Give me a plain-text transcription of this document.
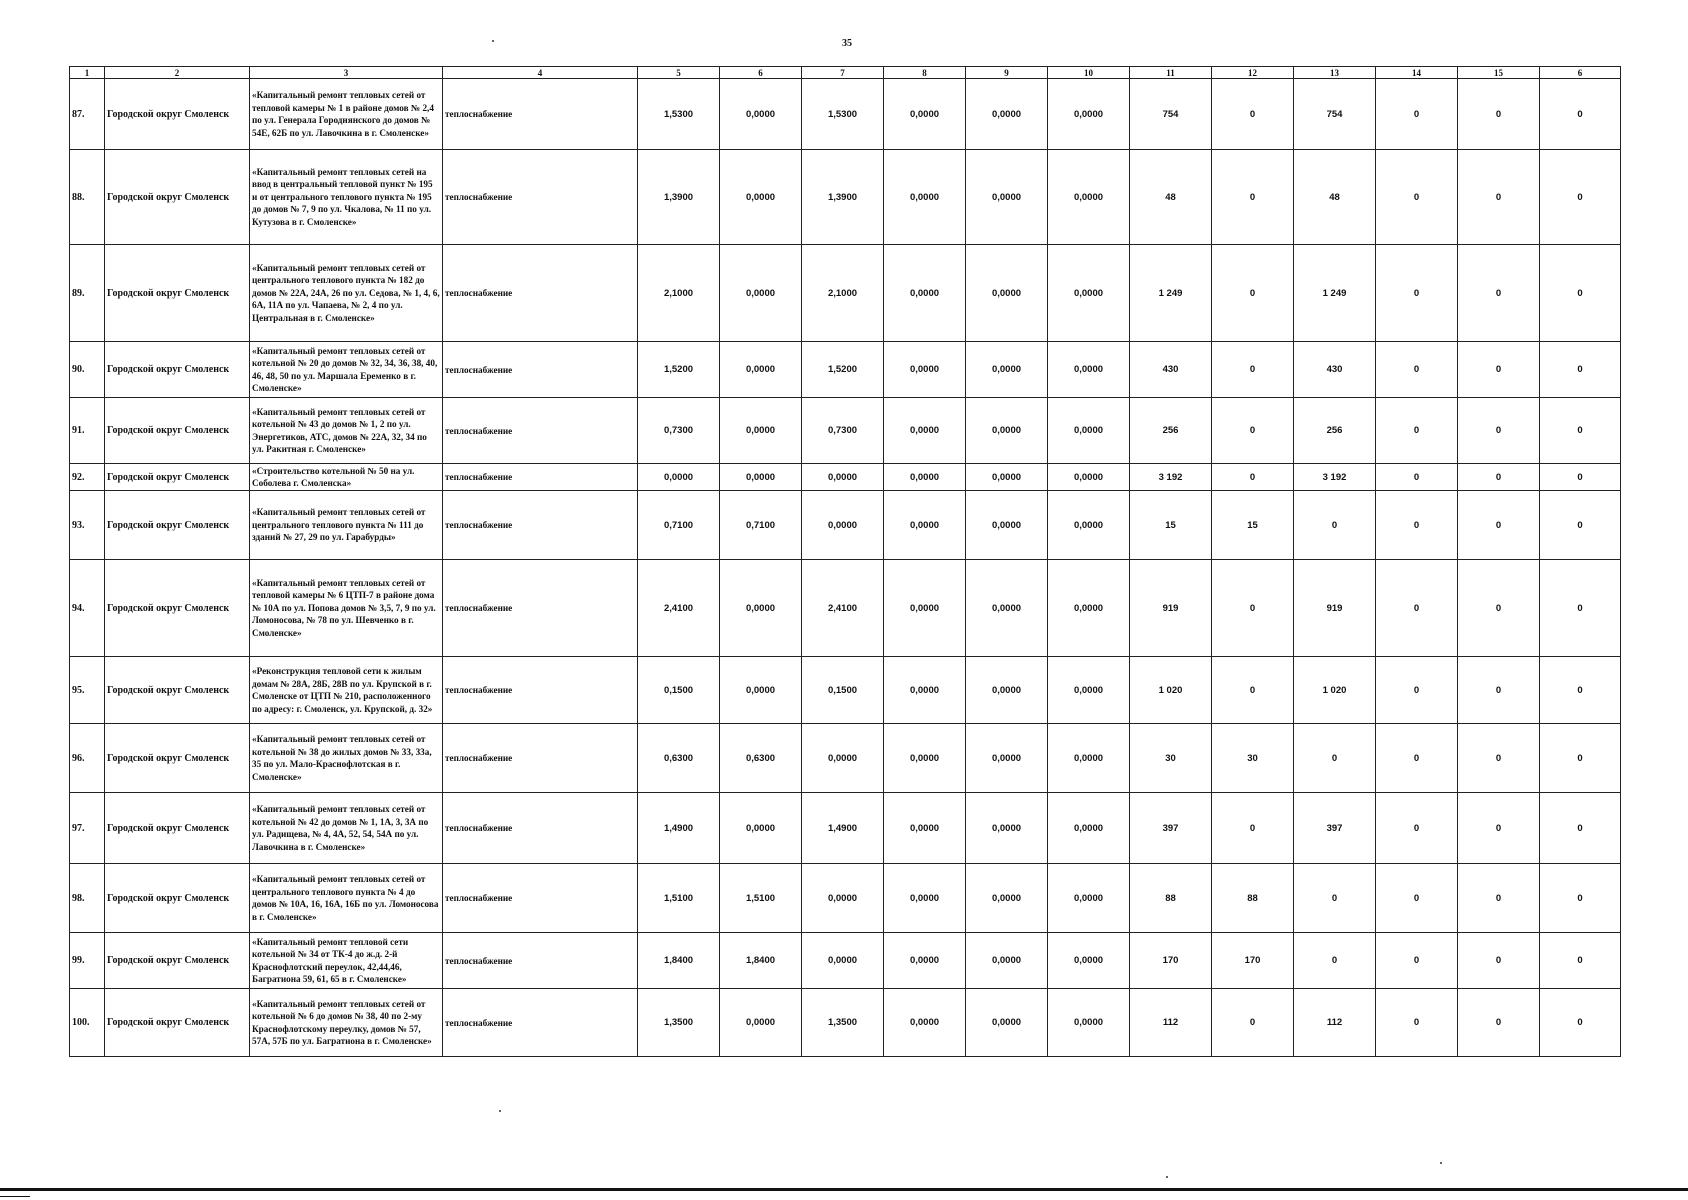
35
1	2	3	4	5	6	7	8	9	10	11	12	13	14	15	6
87.	Городской округ Смоленск	«Капитальный ремонт тепловых сетей от тепловой камеры № 1 в районе домов № 2,4 по ул. Генерала Городнянского до домов № 54Е, 62Б по ул. Лавочкина в г. Смоленске»	теплоснабжение	1,5300	0,0000	1,5300	0,0000	0,0000	0,0000	754	0	754	0	0	0
88.	Городской округ Смоленск	«Капитальный ремонт тепловых сетей на ввод в центральный тепловой пункт № 195 и от центрального теплового пункта № 195 до домов № 7, 9 по ул. Чкалова, № 11 по ул. Кутузова в г. Смоленске»	теплоснабжение	1,3900	0,0000	1,3900	0,0000	0,0000	0,0000	48	0	48	0	0	0
89.	Городской округ Смоленск	«Капитальный ремонт тепловых сетей от центрального теплового пункта № 182 до домов № 22А, 24А, 26 по ул. Седова, № 1, 4, 6, 6А, 11А по ул. Чапаева, № 2, 4 по ул. Центральная в г. Смоленске»	теплоснабжение	2,1000	0,0000	2,1000	0,0000	0,0000	0,0000	1 249	0	1 249	0	0	0
90.	Городской округ Смоленск	«Капитальный ремонт тепловых сетей от котельной № 20 до домов № 32, 34, 36, 38, 40, 46, 48, 50 по ул. Маршала Еременко в г. Смоленске»	теплоснабжение	1,5200	0,0000	1,5200	0,0000	0,0000	0,0000	430	0	430	0	0	0
91.	Городской округ Смоленск	«Капитальный ремонт тепловых сетей от котельной № 43 до домов № 1, 2 по ул. Энергетиков, АТС, домов № 22А, 32, 34 по ул. Ракитная г. Смоленске»	теплоснабжение	0,7300	0,0000	0,7300	0,0000	0,0000	0,0000	256	0	256	0	0	0
92.	Городской округ Смоленск	«Строительство котельной № 50 на ул. Соболева г. Смоленска»	теплоснабжение	0,0000	0,0000	0,0000	0,0000	0,0000	0,0000	3 192	0	3 192	0	0	0
93.	Городской округ Смоленск	«Капитальный ремонт тепловых сетей от центрального теплового пункта № 111 до зданий № 27, 29 по ул. Гарабурды»	теплоснабжение	0,7100	0,7100	0,0000	0,0000	0,0000	0,0000	15	15	0	0	0	0
94.	Городской округ Смоленск	«Капитальный ремонт тепловых сетей от тепловой камеры № 6 ЦТП-7 в районе дома № 10А по ул. Попова домов № 3,5, 7, 9 по ул. Ломоносова, № 78 по ул. Шевченко в г. Смоленске»	теплоснабжение	2,4100	0,0000	2,4100	0,0000	0,0000	0,0000	919	0	919	0	0	0
95.	Городской округ Смоленск	«Реконструкция тепловой сети к жилым домам № 28А, 28Б, 28В по ул. Крупской в г. Смоленске от ЦТП № 210, расположенного по адресу: г. Смоленск, ул. Крупской, д. 32»	теплоснабжение	0,1500	0,0000	0,1500	0,0000	0,0000	0,0000	1 020	0	1 020	0	0	0
96.	Городской округ Смоленск	«Капитальный ремонт тепловых сетей от котельной № 38 до жилых домов № 33, 33а, 35 по ул. Мало-Краснофлотская в г. Смоленске»	теплоснабжение	0,6300	0,6300	0,0000	0,0000	0,0000	0,0000	30	30	0	0	0	0
97.	Городской округ Смоленск	«Капитальный ремонт тепловых сетей от котельной № 42 до домов № 1, 1А, 3, 3А по ул. Радищева, № 4, 4А, 52, 54, 54А по ул. Лавочкина в г. Смоленске»	теплоснабжение	1,4900	0,0000	1,4900	0,0000	0,0000	0,0000	397	0	397	0	0	0
98.	Городской округ Смоленск	«Капитальный ремонт тепловых сетей от центрального теплового пункта № 4 до домов № 10А, 16, 16А, 16Б по ул. Ломоносова в г. Смоленске»	теплоснабжение	1,5100	1,5100	0,0000	0,0000	0,0000	0,0000	88	88	0	0	0	0
99.	Городской округ Смоленск	«Капитальный ремонт тепловой сети котельной № 34 от ТК-4 до ж.д. 2-й Краснофлотский переулок, 42,44,46, Багратиона 59, 61, 65 в г. Смоленске»	теплоснабжение	1,8400	1,8400	0,0000	0,0000	0,0000	0,0000	170	170	0	0	0	0
100.	Городской округ Смоленск	«Капитальный ремонт тепловых сетей от котельной № 6 до домов № 38, 40 по 2-му Краснофлотскому переулку, домов № 57, 57А, 57Б по ул. Багратиона в г. Смоленске»	теплоснабжение	1,3500	0,0000	1,3500	0,0000	0,0000	0,0000	112	0	112	0	0	0
